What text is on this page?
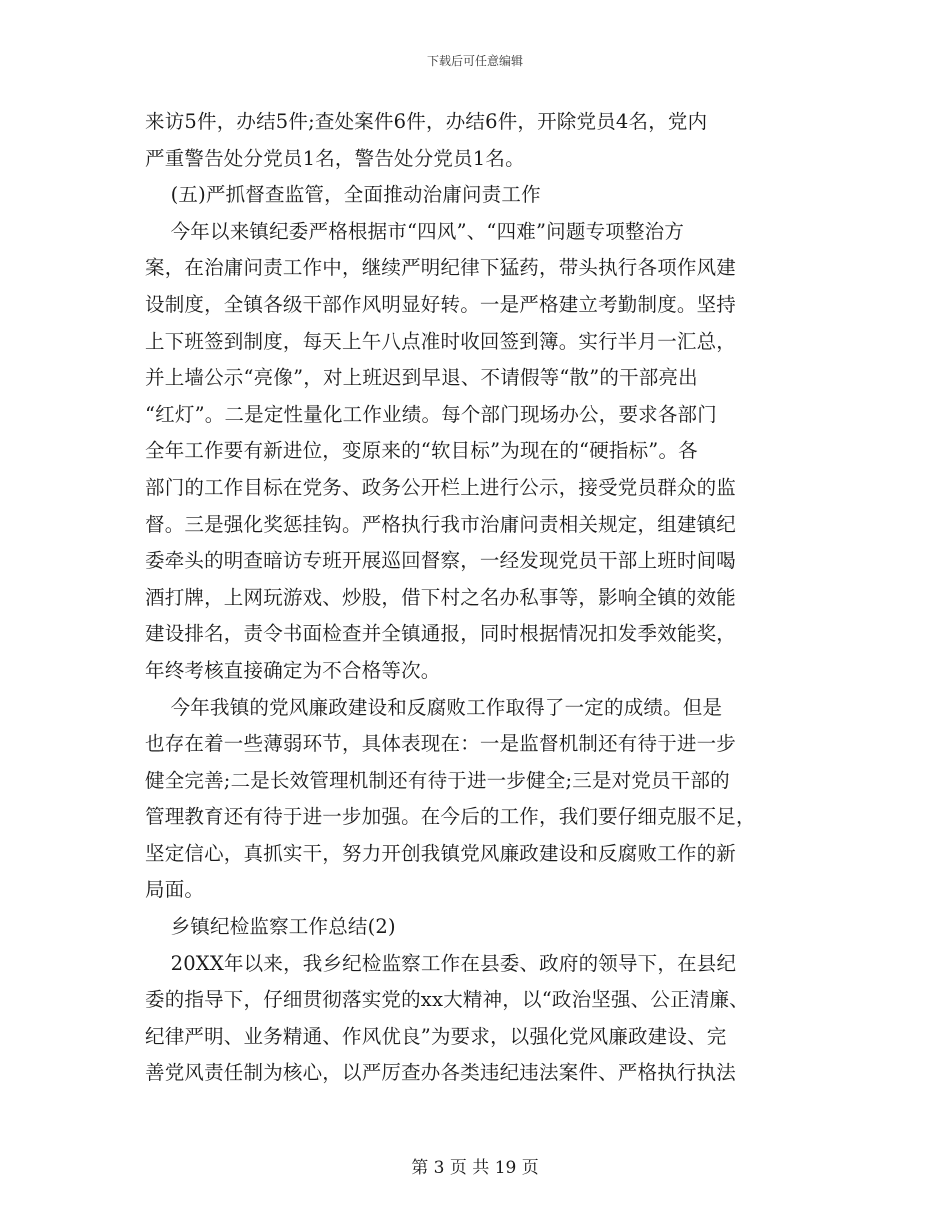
下载后可任意编辑
来访5件，办结5件;查处案件6件，办结6件，开除党员4名，党内
严重警告处分党员1名，警告处分党员1名。
(五)严抓督查监管，全面推动治庸问责工作
今年以来镇纪委严格根据市“四风”、“四难”问题专项整治方
案，在治庸问责工作中，继续严明纪律下猛药，带头执行各项作风建
设制度，全镇各级干部作风明显好转。一是严格建立考勤制度。坚持
上下班签到制度，每天上午八点准时收回签到簿。实行半月一汇总，
并上墙公示“亮像”，对上班迟到早退、不请假等“散”的干部亮出
“红灯”。二是定性量化工作业绩。每个部门现场办公，要求各部门
全年工作要有新进位，变原来的“软目标”为现在的“硬指标”。各
部门的工作目标在党务、政务公开栏上进行公示，接受党员群众的监
督。三是强化奖惩挂钩。严格执行我市治庸问责相关规定，组建镇纪
委牵头的明查暗访专班开展巡回督察，一经发现党员干部上班时间喝
酒打牌，上网玩游戏、炒股，借下村之名办私事等，影响全镇的效能
建设排名，责令书面检查并全镇通报，同时根据情况扣发季效能奖，
年终考核直接确定为不合格等次。
今年我镇的党风廉政建设和反腐败工作取得了一定的成绩。但是
也存在着一些薄弱环节，具体表现在：一是监督机制还有待于进一步
健全完善;二是长效管理机制还有待于进一步健全;三是对党员干部的
管理教育还有待于进一步加强。在今后的工作，我们要仔细克服不足，
坚定信心，真抓实干，努力开创我镇党风廉政建设和反腐败工作的新
局面。
乡镇纪检监察工作总结(2)
20XX年以来，我乡纪检监察工作在县委、政府的领导下，在县纪
委的指导下，仔细贯彻落实党的xx大精神，以“政治坚强、公正清廉、
纪律严明、业务精通、作风优良”为要求，以强化党风廉政建设、完
善党风责任制为核心，以严厉查办各类违纪违法案件、严格执行执法
第 3 页 共 19 页
